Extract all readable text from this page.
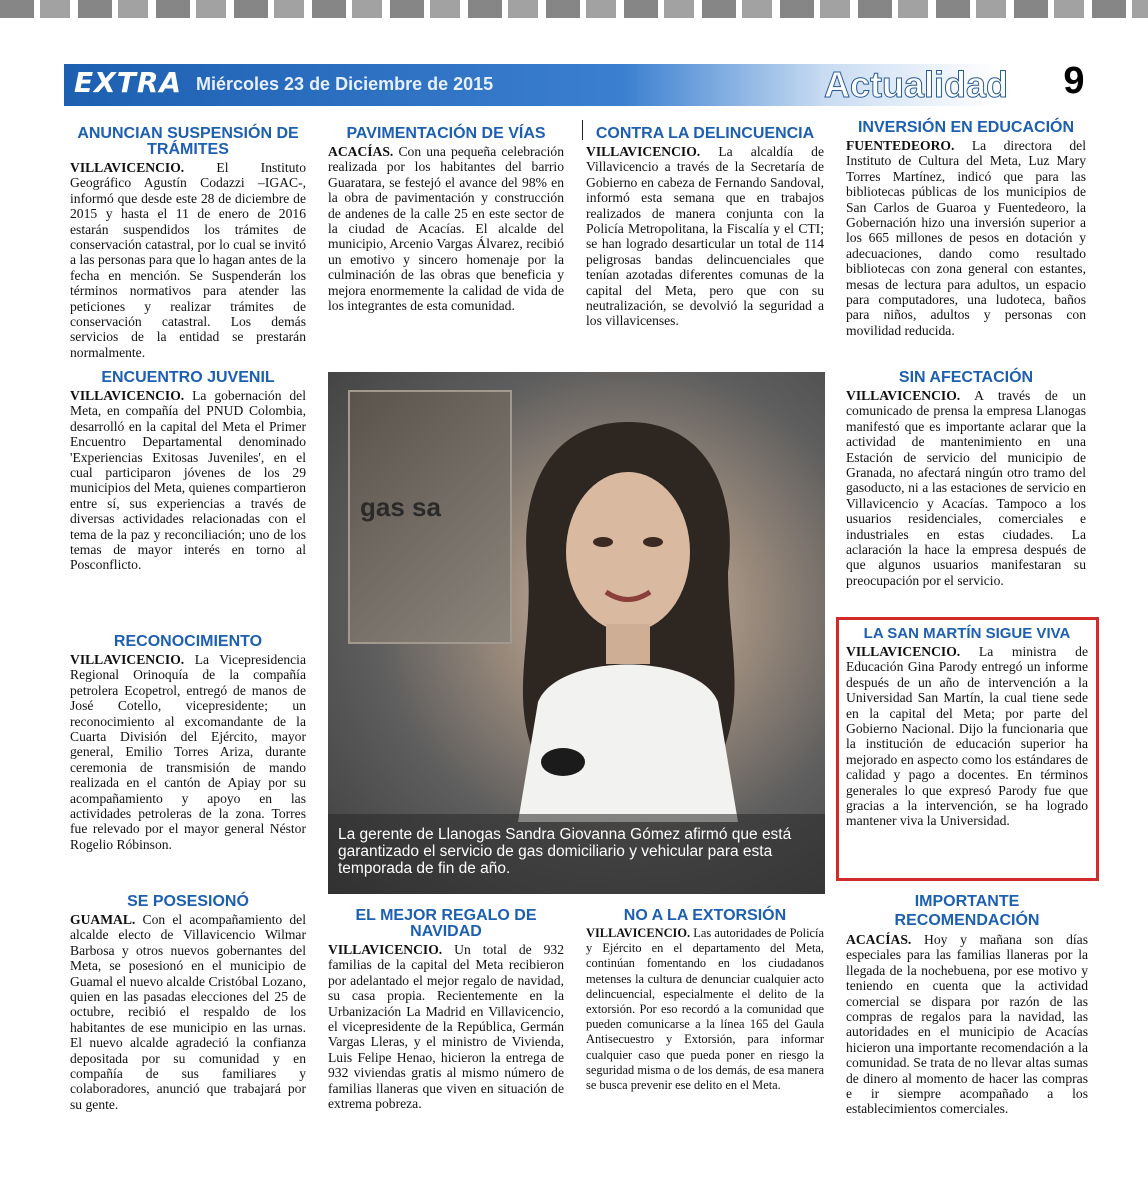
EXTRA Miércoles 23 de Diciembre de 2015	Actualidad	9
ANUNCIAN SUSPENSIÓN DE TRÁMITES

VILLAVICENCIO. El Instituto Geográfico Agustín Codazzi –IGAC-, informó que desde este 28 de diciembre de 2015 y hasta el 11 de enero de 2016 estarán suspendidos los trámites de conservación catastral, por lo cual se invitó a las personas para que lo hagan antes de la fecha en mención. Se Suspenderán los términos normativos para atender las peticiones y realizar trámites de conservación catastral. Los demás servicios de la entidad se prestarán normalmente.

ENCUENTRO JUVENIL

VILLAVICENCIO. La gobernación del Meta, en compañía del PNUD Colombia, desarrolló en la capital del Meta el Primer Encuentro Departamental denominado 'Experiencias Exitosas Juveniles', en el cual participaron jóvenes de los 29 municipios del Meta, quienes compartieron entre sí, sus experiencias a través de diversas actividades relacionadas con el tema de la paz y reconciliación; uno de los temas de mayor interés en torno al Posconflicto.

RECONOCIMIENTO

VILLAVICENCIO. La Vicepresidencia Regional Orinoquía de la compañía petrolera Ecopetrol, entregó de manos de José Cotello, vicepresidente; un reconocimiento al excomandante de la Cuarta División del Ejército, mayor general, Emilio Torres Ariza, durante ceremonia de transmisión de mando realizada en el cantón de Apiay por su acompañamiento y apoyo en las actividades petroleras de la zona. Torres fue relevado por el mayor general Néstor Rogelio Róbinson.

SE POSESIONÓ

GUAMAL. Con el acompañamiento del alcalde electo de Villavicencio Wilmar Barbosa y otros nuevos gobernantes del Meta, se posesionó en el municipio de Guamal el nuevo alcalde Cristóbal Lozano, quien en las pasadas elecciones del 25 de octubre, recibió el respaldo de los habitantes de ese municipio en las urnas. El nuevo alcalde agradeció la confianza depositada por su comunidad y en compañía de sus familiares y colaboradores, anunció que trabajará por su gente.

PAVIMENTACIÓN DE VÍAS

ACACÍAS. Con una pequeña celebración realizada por los habitantes del barrio Guaratara, se festejó el avance del 98% en la obra de pavimentación y construcción de andenes de la calle 25 en este sector de la ciudad de Acacías. El alcalde del municipio, Arcenio Vargas Álvarez, recibió un emotivo y sincero homenaje por la culminación de las obras que beneficia y mejora enormemente la calidad de vida de los integrantes de esta comunidad.

EL MEJOR REGALO DE NAVIDAD

VILLAVICENCIO. Un total de 932 familias de la capital del Meta recibieron por adelantado el mejor regalo de navidad, su casa propia. Recientemente en la Urbanización La Madrid en Villavicencio, el vicepresidente de la República, Germán Vargas Lleras, y el ministro de Vivienda, Luis Felipe Henao, hicieron la entrega de 932 viviendas gratis al mismo número de familias llaneras que viven en situación de extrema pobreza.

CONTRA LA DELINCUENCIA

VILLAVICENCIO. La alcaldía de Villavicencio a través de la Secretaría de Gobierno en cabeza de Fernando Sandoval, informó esta semana que en trabajos realizados de manera conjunta con la Policía Metropolitana, la Fiscalía y el CTI; se han logrado desarticular un total de 114 peligrosas bandas delincuenciales que tenían azotadas diferentes comunas de la capital del Meta, pero que con su neutralización, se devolvió la seguridad a los villavicenses.

NO A LA EXTORSIÓN

VILLAVICENCIO. Las autoridades de Policía y Ejército en el departamento del Meta, continúan fomentando en los ciudadanos metenses la cultura de denunciar cualquier acto delincuencial, especialmente el delito de la extorsión. Por eso recordó a la comunidad que pueden comunicarse a la línea 165 del Gaula Antisecuestro y Extorsión, para informar cualquier caso que pueda poner en riesgo la seguridad misma o de los demás, de esa manera se busca prevenir ese delito en el Meta.

INVERSIÓN EN EDUCACIÓN

FUENTEDEORO. La directora del Instituto de Cultura del Meta, Luz Mary Torres Martínez, indicó que para las bibliotecas públicas de los municipios de San Carlos de Guaroa y Fuentedeoro, la Gobernación hizo una inversión superior a los 665 millones de pesos en dotación y adecuaciones, dando como resultado bibliotecas con zona general con estantes, mesas de lectura para adultos, un espacio para computadores, una ludoteca, baños para niños, adultos y personas con movilidad reducida.

SIN AFECTACIÓN

VILLAVICENCIO. A través de un comunicado de prensa la empresa Llanogas manifestó que es importante aclarar que la actividad de mantenimiento en una Estación de servicio del municipio de Granada, no afectará ningún otro tramo del gasoducto, ni a las estaciones de servicio en Villavicencio y Acacías. Tampoco a los usuarios residenciales, comerciales e industriales en estas ciudades. La aclaración la hace la empresa después de que algunos usuarios manifestaran su preocupación por el servicio.

LA SAN MARTÍN SIGUE VIVA

VILLAVICENCIO. La ministra de Educación Gina Parody entregó un informe después de un año de intervención a la Universidad San Martín, la cual tiene sede en la capital del Meta; por parte del Gobierno Nacional. Dijo la funcionaria que la institución de educación superior ha mejorado en aspecto como los estándares de calidad y pago a docentes. En términos generales lo que expresó Parody fue que gracias a la intervención, se ha logrado mantener viva la Universidad.

IMPORTANTE RECOMENDACIÓN

ACACÍAS. Hoy y mañana son días especiales para las familias llaneras por la llegada de la nochebuena, por ese motivo y teniendo en cuenta que la actividad comercial se dispara por razón de las compras de regalos para la navidad, las autoridades en el municipio de Acacías hicieron una importante recomendación a la comunidad. Se trata de no llevar altas sumas de dinero al momento de hacer las compras e ir siempre acompañado a los establecimientos comerciales.

gas sa
La gerente de Llanogas Sandra Giovanna Gómez afirmó que está garantizado el servicio de gas domiciliario y vehicular para esta temporada de fin de año.
